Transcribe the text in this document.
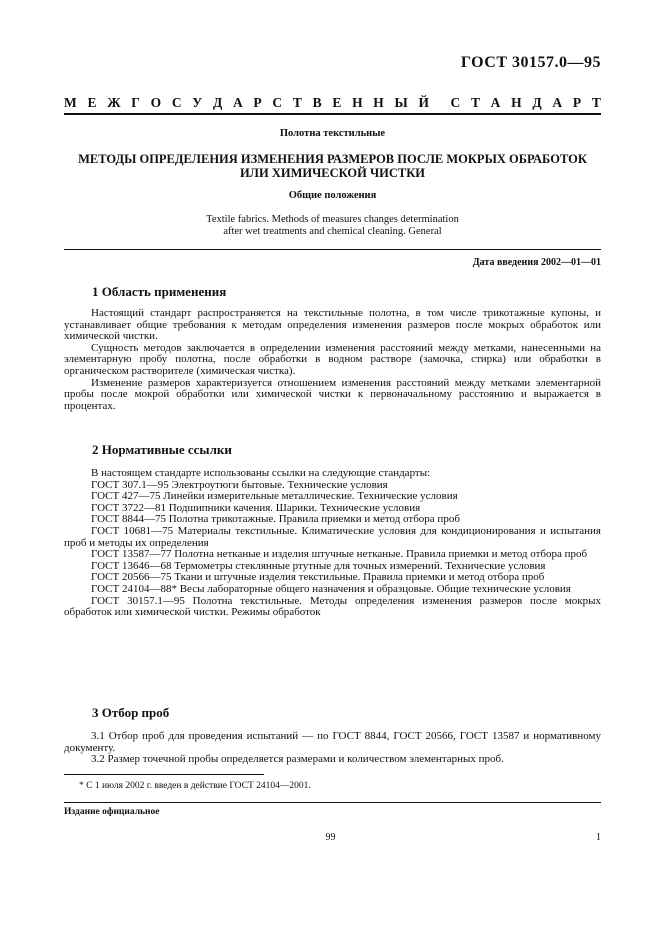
ГОСТ 30157.0—95
М Е Ж Г О С У Д А Р С Т В Е Н Н Ы Й С Т А Н Д А Р Т
Полотна текстильные
МЕТОДЫ ОПРЕДЕЛЕНИЯ ИЗМЕНЕНИЯ РАЗМЕРОВ ПОСЛЕ МОКРЫХ ОБРАБОТОК
ИЛИ ХИМИЧЕСКОЙ ЧИСТКИ
Общие положения
Textile fabrics. Methods of measures changes determination
after wet treatments and chemical cleaning. General
Дата введения 2002—01—01
1 Область применения

Настоящий стандарт распространяется на текстильные полотна, в том числе трикотажные купоны, и устанавливает общие требования к методам определения изменения размеров после мокрых обработок или химической чистки.

Сущность методов заключается в определении изменения расстояний между метками, нанесенными на элементарную пробу полотна, после обработки в водном растворе (замочка, стирка) или обработки в органическом растворителе (химическая чистка).

Изменение размеров характеризуется отношением изменения расстояний между метками элементарной пробы после мокрой обработки или химической чистки к первоначальному расстоянию и выражается в процентах.

2 Нормативные ссылки

В настоящем стандарте использованы ссылки на следующие стандарты:

ГОСТ 307.1—95 Электроутюги бытовые. Технические условия

ГОСТ 427—75 Линейки измерительные металлические. Технические условия

ГОСТ 3722—81 Подшипники качения. Шарики. Технические условия

ГОСТ 8844—75 Полотна трикотажные. Правила приемки и метод отбора проб

ГОСТ 10681—75 Материалы текстильные. Климатические условия для кондиционирования и испытания проб и методы их определения

ГОСТ 13587—77 Полотна нетканые и изделия штучные нетканые. Правила приемки и метод отбора проб

ГОСТ 13646—68 Термометры стеклянные ртутные для точных измерений. Технические условия

ГОСТ 20566—75 Ткани и штучные изделия текстильные. Правила приемки и метод отбора проб

ГОСТ 24104—88* Весы лабораторные общего назначения и образцовые. Общие технические условия

ГОСТ 30157.1—95 Полотна текстильные. Методы определения изменения размеров после мокрых обработок или химической чистки. Режимы обработок

3 Отбор проб

3.1 Отбор проб для проведения испытаний — по ГОСТ 8844, ГОСТ 20566, ГОСТ 13587 и нормативному документу.

3.2 Размер точечной пробы определяется размерами и количеством элементарных проб.

* С 1 июля 2002 г. введен в действие ГОСТ 24104—2001.
Издание официальное
99	1
